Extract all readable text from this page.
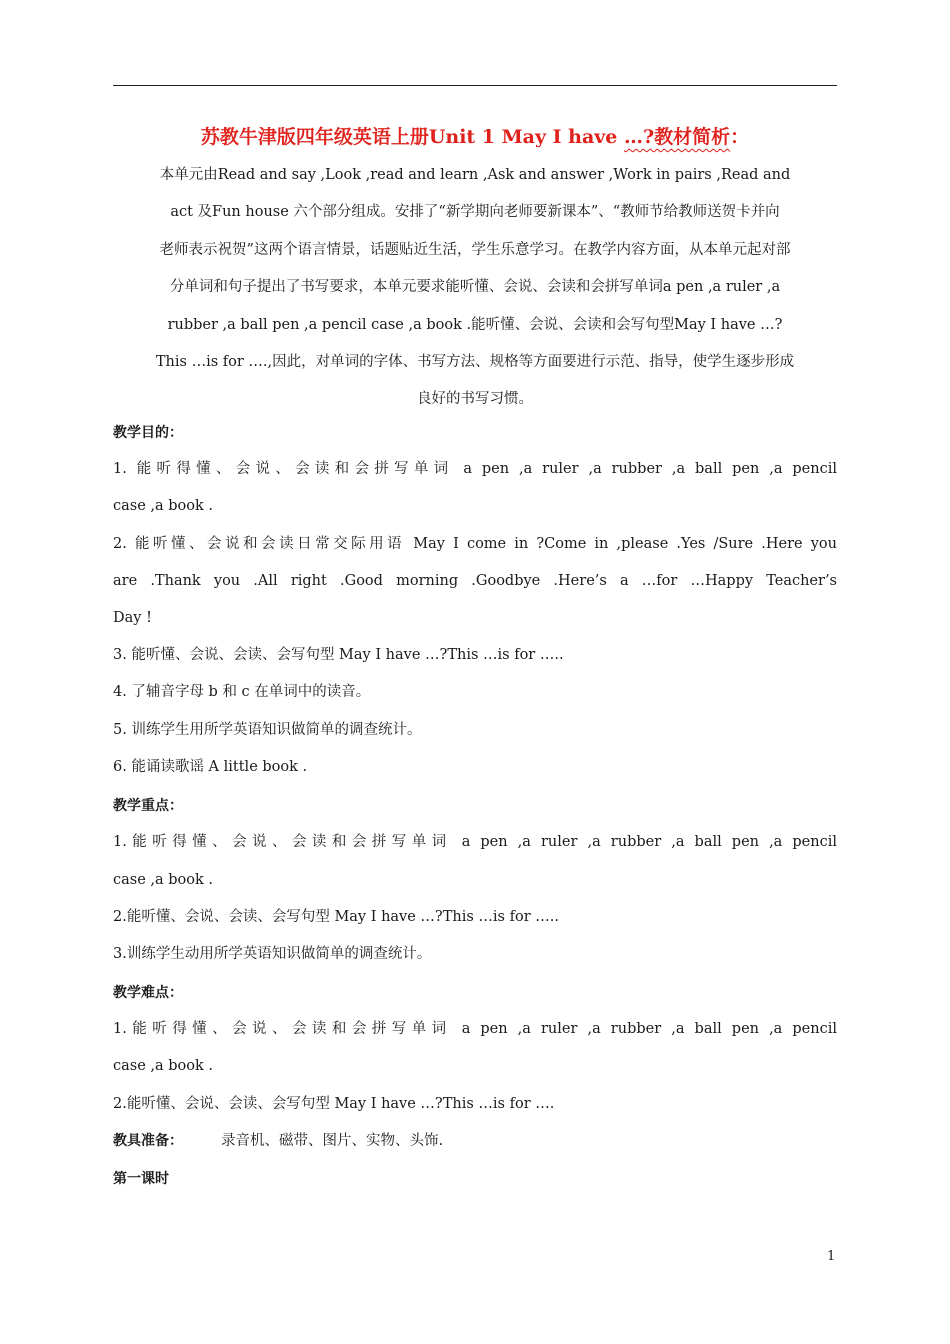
苏教牛津版四年级英语上册Unit 1 May I have …?教材简析：
本单元由Read and say ,Look ,read and learn ,Ask and answer ,Work in pairs ,Read and
act 及Fun house 六个部分组成。安排了“新学期向老师要新课本”、“教师节给教师送贺卡并向
老师表示祝贺”这两个语言情景，话题贴近生活，学生乐意学习。在教学内容方面，从本单元起对部
分单词和句子提出了书写要求，本单元要求能听懂、会说、会读和会拼写单词a pen ,a ruler ,a
rubber ,a ball pen ,a pencil case ,a book .能听懂、会说、会读和会写句型May I have …?
This …is for ….,因此，对单词的字体、书写方法、规格等方面要进行示范、指导，使学生逐步形成
良好的书写习惯。
教学目的：
1. 能听得懂、会说、会读和会拼写单词 a pen ,a ruler ,a rubber ,a ball pen ,a pencil
case ,a book .
2. 能听懂、会说和会读日常交际用语 May I come in ?Come in ,please .Yes /Sure .Here you
are .Thank you .All right .Good morning .Goodbye .Here’s a …for …Happy Teacher’s
Day !
3. 能听懂、会说、会读、会写句型 May I have …?This …is for …..
4. 了辅音字母 b 和 c 在单词中的读音。
5. 训练学生用所学英语知识做简单的调查统计。
6. 能诵读歌谣 A little book .
教学重点：
1.能听得懂、会说、会读和会拼写单词 a pen ,a ruler ,a rubber ,a ball pen ,a pencil
case ,a book .
2.能听懂、会说、会读、会写句型 May I have …?This …is for …..
3.训练学生动用所学英语知识做简单的调查统计。
教学难点：
1.能听得懂、会说、会读和会拼写单词 a pen ,a ruler ,a rubber ,a ball pen ,a pencil
case ,a book .
2.能听懂、会说、会读、会写句型 May I have …?This …is for ….
教具准备：	录音机、磁带、图片、实物、头饰.
第一课时
1
